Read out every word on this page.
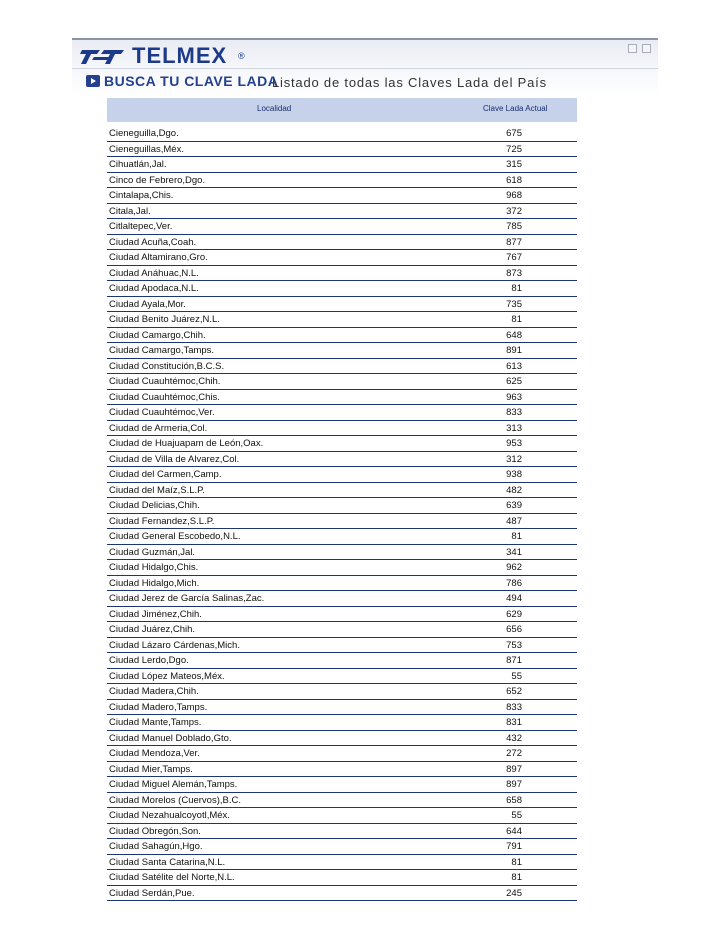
TELMEX ®
BUSCA TU CLAVE LADA
Listado de todas las Claves Lada del País
Localidad	Clave Lada Actual
Cieneguilla,Dgo.	675
Cieneguillas,Méx.	725
Cihuatlán,Jal.	315
Cinco de Febrero,Dgo.	618
Cintalapa,Chis.	968
Citala,Jal.	372
Citlaltepec,Ver.	785
Ciudad Acuña,Coah.	877
Ciudad Altamirano,Gro.	767
Ciudad Anáhuac,N.L.	873
Ciudad Apodaca,N.L.	81
Ciudad Ayala,Mor.	735
Ciudad Benito Juárez,N.L.	81
Ciudad Camargo,Chih.	648
Ciudad Camargo,Tamps.	891
Ciudad Constitución,B.C.S.	613
Ciudad Cuauhtémoc,Chih.	625
Ciudad Cuauhtémoc,Chis.	963
Ciudad Cuauhtémoc,Ver.	833
Ciudad de Armeria,Col.	313
Ciudad de Huajuapam de León,Oax.	953
Ciudad de Villa de Alvarez,Col.	312
Ciudad del Carmen,Camp.	938
Ciudad del Maíz,S.L.P.	482
Ciudad Delicias,Chih.	639
Ciudad Fernandez,S.L.P.	487
Ciudad General Escobedo,N.L.	81
Ciudad Guzmán,Jal.	341
Ciudad Hidalgo,Chis.	962
Ciudad Hidalgo,Mich.	786
Ciudad Jerez de García Salinas,Zac.	494
Ciudad Jiménez,Chih.	629
Ciudad Juárez,Chih.	656
Ciudad Lázaro Cárdenas,Mich.	753
Ciudad Lerdo,Dgo.	871
Ciudad López Mateos,Méx.	55
Ciudad Madera,Chih.	652
Ciudad Madero,Tamps.	833
Ciudad Mante,Tamps.	831
Ciudad Manuel Doblado,Gto.	432
Ciudad Mendoza,Ver.	272
Ciudad Mier,Tamps.	897
Ciudad Miguel Alemán,Tamps.	897
Ciudad Morelos (Cuervos),B.C.	658
Ciudad Nezahualcoyotl,Méx.	55
Ciudad Obregón,Son.	644
Ciudad Sahagún,Hgo.	791
Ciudad Santa Catarina,N.L.	81
Ciudad Satélite del Norte,N.L.	81
Ciudad Serdán,Pue.	245
